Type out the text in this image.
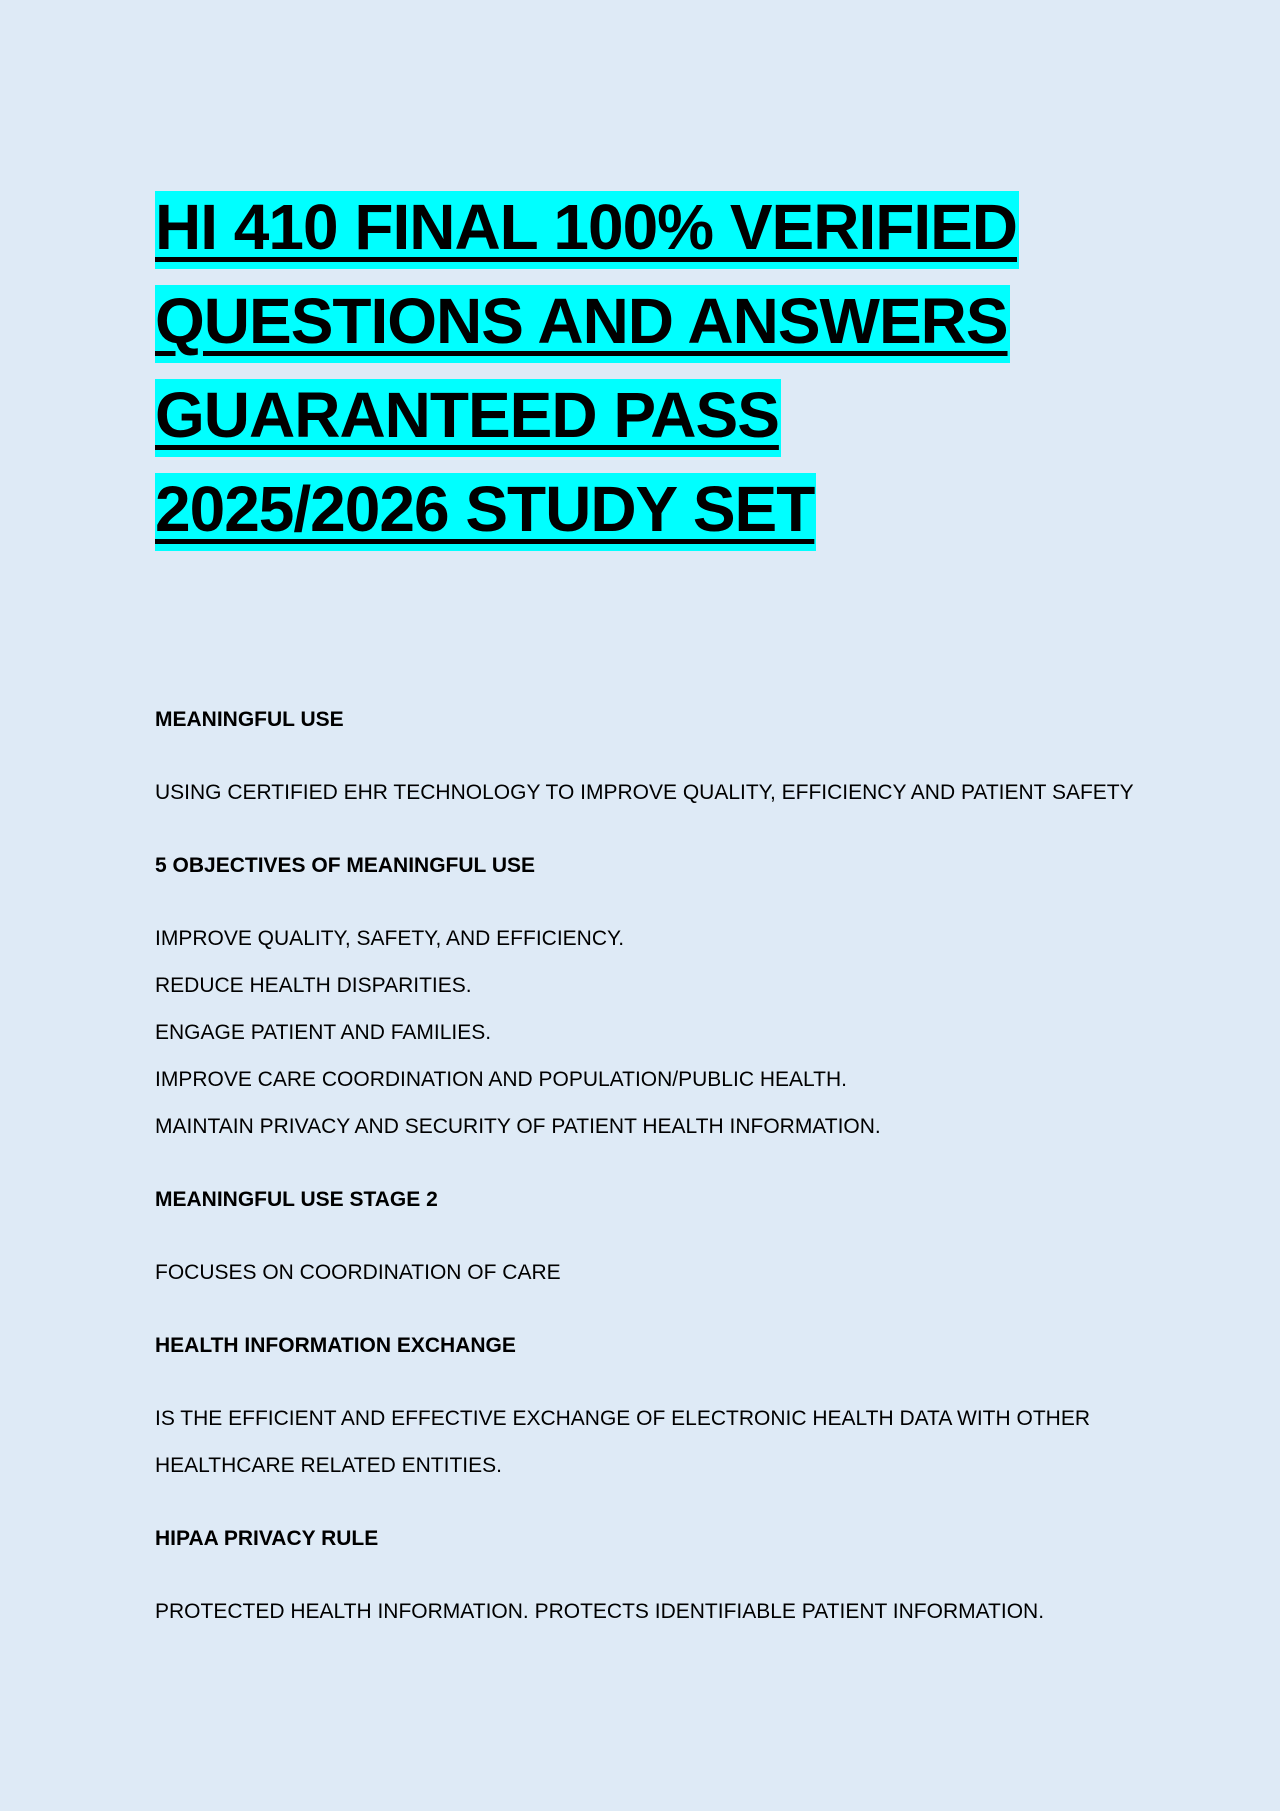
HI 410 FINAL 100% VERIFIED
QUESTIONS AND ANSWERS
GUARANTEED PASS
2025/2026 STUDY SET

MEANINGFUL USE

USING CERTIFIED EHR TECHNOLOGY TO IMPROVE QUALITY, EFFICIENCY AND PATIENT SAFETY

5 OBJECTIVES OF MEANINGFUL USE

IMPROVE QUALITY, SAFETY, AND EFFICIENCY.
REDUCE HEALTH DISPARITIES.
ENGAGE PATIENT AND FAMILIES.
IMPROVE CARE COORDINATION AND POPULATION/PUBLIC HEALTH.
MAINTAIN PRIVACY AND SECURITY OF PATIENT HEALTH INFORMATION.

MEANINGFUL USE STAGE 2

FOCUSES ON COORDINATION OF CARE

HEALTH INFORMATION EXCHANGE

IS THE EFFICIENT AND EFFECTIVE EXCHANGE OF ELECTRONIC HEALTH DATA WITH OTHER
HEALTHCARE RELATED ENTITIES.

HIPAA PRIVACY RULE

PROTECTED HEALTH INFORMATION. PROTECTS IDENTIFIABLE PATIENT INFORMATION.
